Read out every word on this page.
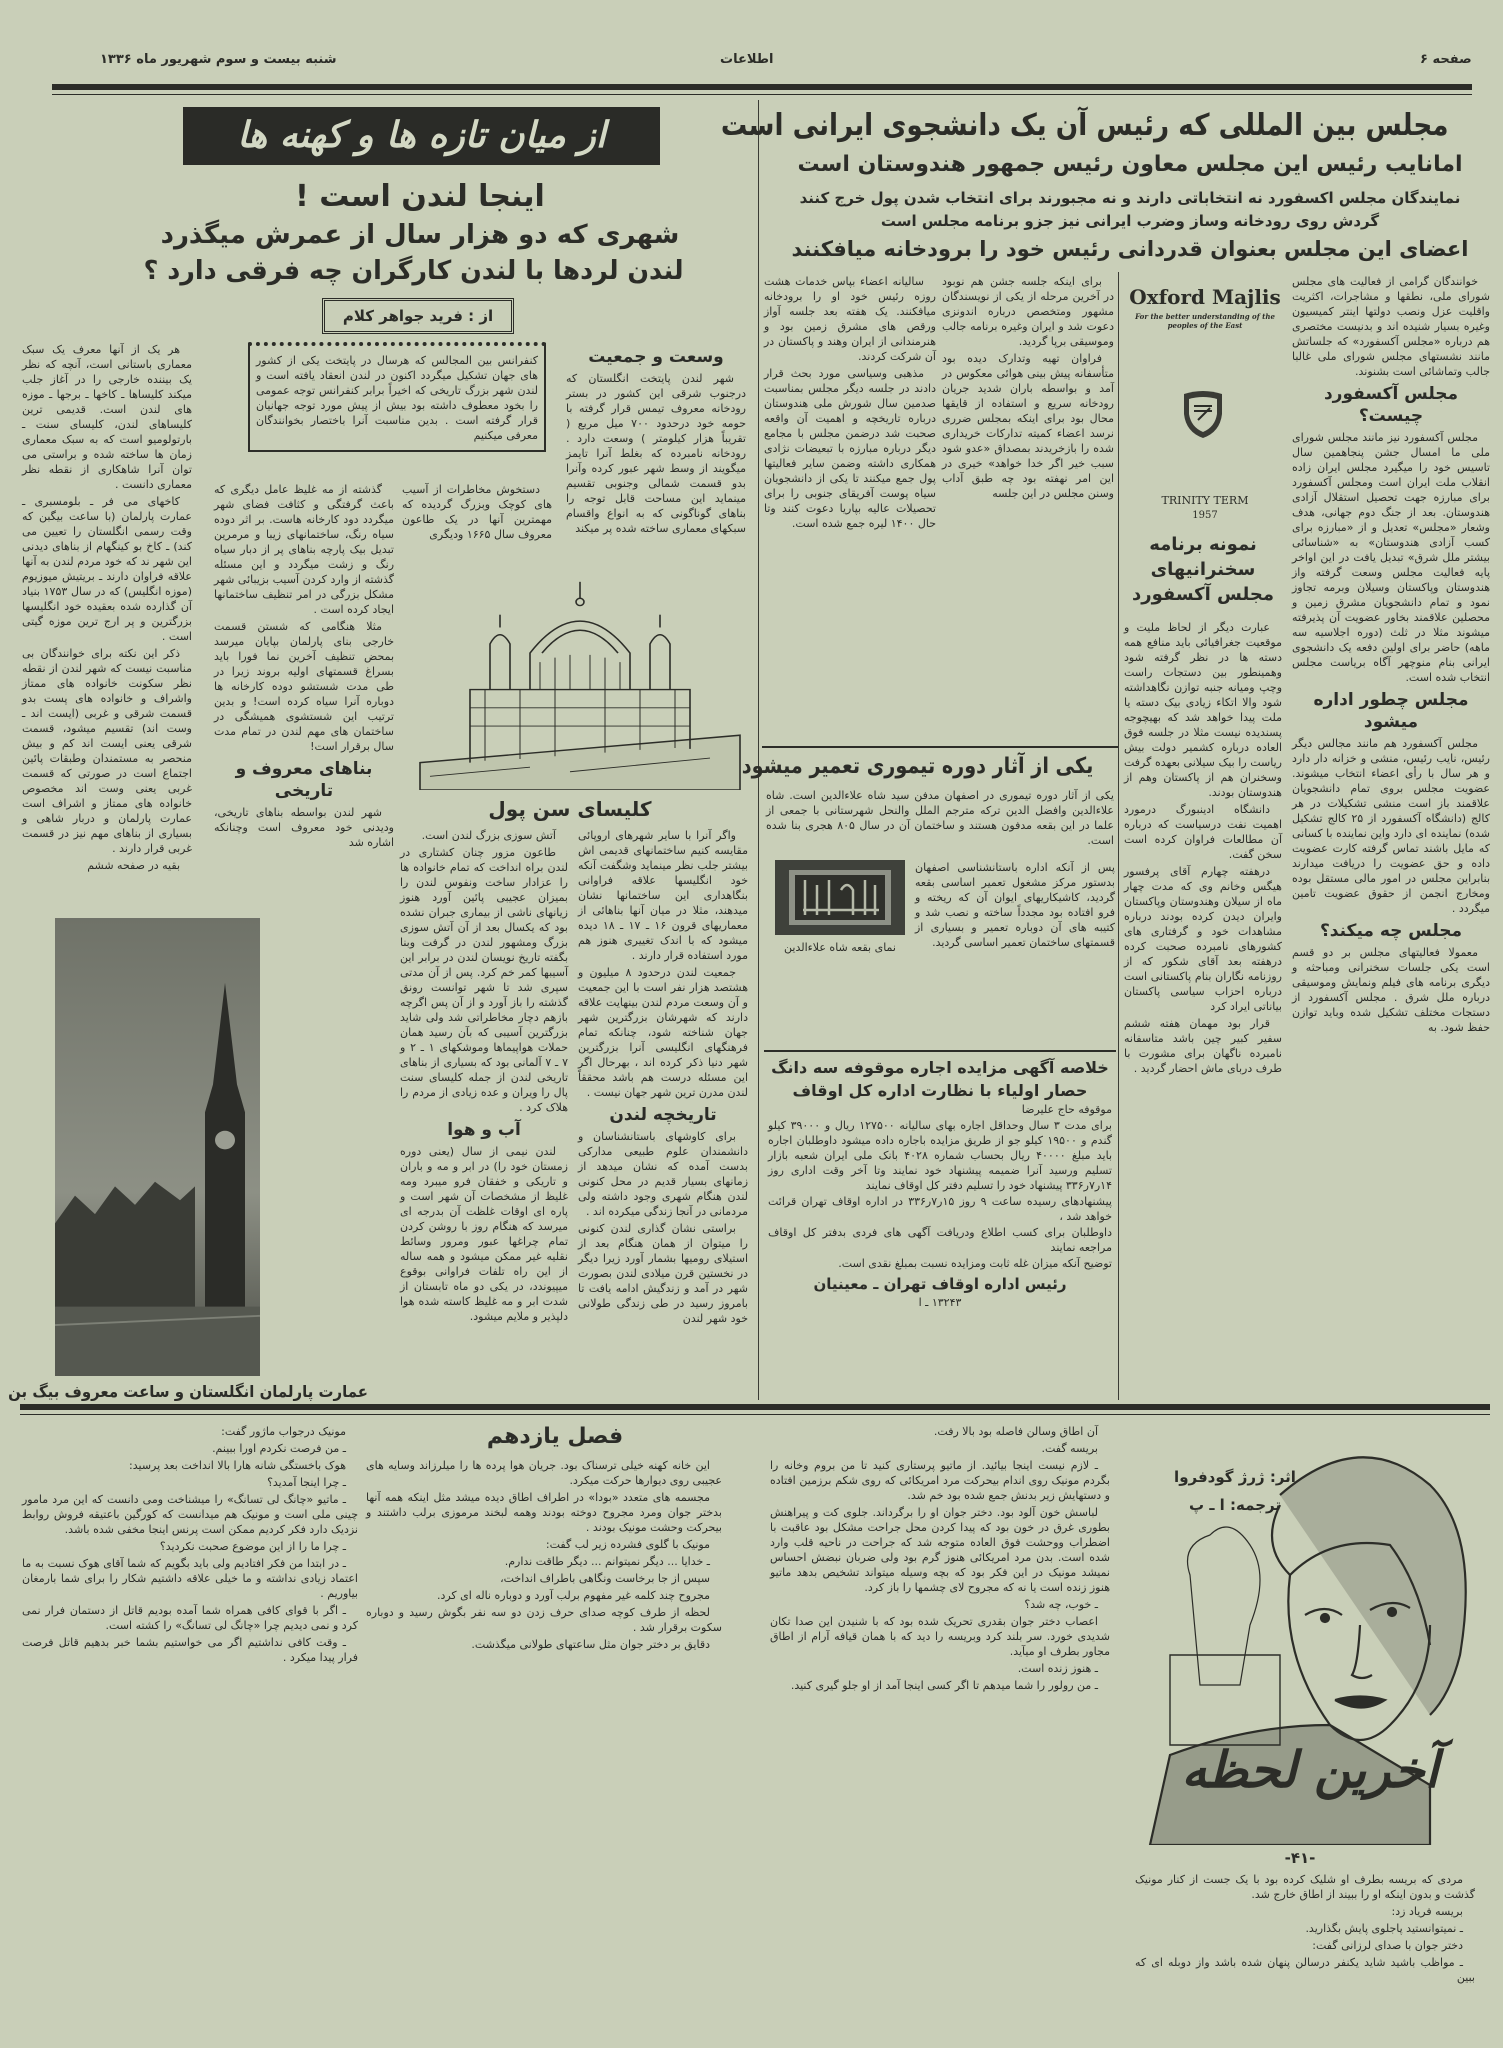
شنبه بیست و سوم شهریور ماه ۱۳۳۶	اطلاعات	صفحه ۶
از میان تازه ها و کهنه ها
اینجا لندن است !
شهری که دو هزار سال از عمرش میگذرد
لندن لردها با لندن کارگران چه فرقی دارد ؟
از : فرید جواهر کلام
کنفرانس بین المجالس که هرسال در پایتخت یکی از کشور های جهان تشکیل میگردد اکنون در لندن انعقاد یافته است و لندن شهر بزرگ تاریخی که اخیراً برابر کنفرانس توجه عمومی را بخود معطوف داشته بود بیش از پیش مورد توجه جهانیان قرار گرفته است . بدین مناسبت آنرا باختصار بخوانندگان معرفی میکنیم

هر یک از آنها معرف یک سبک معماری باستانی است، آنچه که نظر یک بیننده خارجی را در آغاز جلب میکند کلیساها ـ کاخها ـ برجها ـ موزه های لندن است. قدیمی ترین کلیساهای لندن، کلیسای سنت ـ بارتولومیو است که به سبک معماری زمان ها ساخته شده و براستی می توان آنرا شاهکاری از نقطه نظر معماری دانست .

کاخهای می فر ـ بلومسبری ـ عمارت پارلمان (با ساعت بیگبن که وقت رسمی انگلستان را تعیین می کند) ـ کاخ بو کینگهام از بناهای دیدنی این شهر ند که خود مردم لندن به آنها علاقه فراوان دارند ـ بریتیش میوزیوم (موزه انگلیس) که در سال ۱۷۵۳ بنیاد آن گذارده شده بعقیده خود انگلیسها بزرگترین و پر ارج ترین موزه گیتی است .

ذکر این نکته برای خوانندگان بی مناسبت نیست که شهر لندن از نقطه نظر سکونت خانواده های ممتاز واشراف و خانواده های پست بدو قسمت شرقی و غربی (ایست اند ـ وست اند) تقسیم میشود، قسمت شرقی یعنی ایست اند کم و بیش منحصر به مستمندان وطبقات پائین اجتماع است در صورتی که قسمت غربی یعنی وست اند مخصوص خانواده های ممتاز و اشراف است عمارت پارلمان و دربار شاهی و بسیاری از بناهای مهم نیز در قسمت غربی قرار دارند .

بقیه در صفحه ششم

گذشته از مه غلیظ عامل دیگری که باعث گرفتگی و کثافت فضای شهر میگردد دود کارخانه هاست. بر اثر دوده سیاه رنگ، ساختمانهای زیبا و مرمرین تبدیل بیک پارچه بناهای پر از دبار سیاه رنگ و زشت میگردد و این مسئله گذشته از وارد کردن آسیب بزیبائی شهر مشکل بزرگی در امر تنظیف ساختمانها ایجاد کرده است .

مثلا هنگامی که شستن قسمت خارجی بنای پارلمان بپایان میرسد بمحض تنظیف آخرین نما فورا باید بسراغ قسمتهای اولیه بروند زیرا در طی مدت شستشو دوده کارخانه ها دوباره آنرا سیاه کرده است! و بدین ترتیب این شستشوی همیشگی در ساختمان های مهم لندن در تمام مدت سال برقرار است!

بناهای معروف و تاریخی

شهر لندن بواسطه بناهای تاریخی، ودیدنی خود معروف است وچنانکه اشاره شد

دستخوش مخاطرات از آسیب های کوچک وبزرگ گردیده که مهمترین آنها در یک طاعون معروف سال ۱۶۶۵ ودیگری

وسعت و جمعیت

شهر لندن پایتخت انگلستان که درجنوب شرقی این کشور در بستر رودخانه معروف تیمس قرار گرفته با حومه خود درحدود ۷۰۰ میل مربع ( تقریباً هزار کیلومتر ) وسعت دارد . رودخانه نامبرده که بغلط آنرا تایمز میگویند از وسط شهر عبور کرده وآنرا بدو قسمت شمالی وجنوبی تقسیم مینماید این مساحت قابل توجه را بناهای گوناگونی که به انواع واقسام سبکهای معماری ساخته شده پر میکند

کلیسای سن پول

آتش سوزی بزرگ لندن است.

طاعون مزور چنان کشتاری در لندن براه انداخت که تمام خانواده ها را عزادار ساخت ونفوس لندن را بمیزان عجیبی پائین آورد هنوز زیانهای ناشی از بیماری جبران نشده بود که یکسال بعد از آن آتش سوزی بزرگ ومشهور لندن در گرفت وبنا بگفته تاریخ نویسان لندن در برابر این آسیبها کمر خم کرد. پس از آن مدتی سپری شد تا شهر توانست رونق گذشته را باز آورد و از آن پس اگرچه بازهم دچار مخاطراتی شد ولی شاید بزرگترین آسیبی که بآن رسید همان حملات هواپیماها وموشکهای ۱ ـ ۲ و ۷ ـ ۷ آلمانی بود که بسیاری از بناهای تاریخی لندن از جمله کلیسای سنت پال را ویران و عده زیادی از مردم را هلاک کرد .

آب و هوا

لندن نیمی از سال (یعنی دوره زمستان خود را) در ابر و مه و باران و تاریکی و خفقان فرو میبرد ومه غلیظ از مشخصات آن شهر است و پاره ای اوقات غلظت آن بدرجه ای میرسد که هنگام روز با روشن کردن تمام چراغها عبور ومرور وسائط نقلیه غیر ممکن میشود و همه ساله از این راه تلفات فراوانی بوقوع میپیوندد، در یکی دو ماه تابستان از شدت ابر و مه غلیظ کاسته شده هوا دلپذیر و ملایم میشود.

واگر آنرا با سایر شهرهای اروپائی مقایسه کنیم ساختمانهای قدیمی اش بیشتر جلب نظر مینماید وشگفت آنکه خود انگلیسها علاقه فراوانی بنگاهداری این ساختمانها نشان میدهند، مثلا در میان آنها بناهائی از معماریهای قرون ۱۶ ـ ۱۷ ـ ۱۸ دیده میشود که با اندک تغییری هنوز هم مورد استفاده قرار دارند .

جمعیت لندن درحدود ۸ میلیون و هشتصد هزار نفر است با این جمعیت و آن وسعت مردم لندن بینهایت علاقه دارند که شهرشان بزرگترین شهر جهان شناخته شود، چنانکه تمام فرهنگهای انگلیسی آنرا بزرگترین شهر دنیا ذکر کرده اند ، بهرحال اگر این مسئله درست هم باشد محققاً لندن مدرن ترین شهر جهان نیست .

تاریخچه لندن

برای کاوشهای باستانشناسان و دانشمندان علوم طبیعی مدارکی بدست آمده که نشان میدهد از زمانهای بسیار قدیم در محل کنونی لندن هنگام شهری وجود داشته ولی مردمانی در آنجا زندگی میکرده اند .

براستی نشان گذاری لندن کنونی را میتوان از همان هنگام بعد از استیلای رومیها بشمار آورد زیرا دیگر در نخستین قرن میلادی لندن بصورت شهر در آمد و زندگیش ادامه یافت تا بامروز رسید در طی زندگی طولانی خود شهر لندن

عمارت پارلمان انگلستان و ساعت معروف بیگ بن
مجلس بین المللی که رئیس آن یک دانشجوی ایرانی است
امانایب رئیس این مجلس معاون رئیس جمهور هندوستان است
نمایندگان مجلس اکسفورد نه انتخاباتی دارند و نه مجبورند برای انتخاب شدن پول خرج کنند
گردش روی رودخانه وساز وضرب ایرانی نیز جزو برنامه مجلس است
اعضای این مجلس بعنوان قدردانی رئیس خود را برودخانه میافکنند

خوانندگان گرامی از فعالیت های مجلس شورای ملی، نطقها و مشاجرات، اکثریت واقلیت عزل ونصب دولتها اینتر کمیسیون وغیره بسیار شنیده اند و بدنیست مختصری هم درباره «مجلس آکسفورد» که جلساتش مانند نشستهای مجلس شورای ملی غالبا جالب وتماشائی است بشنوند.

مجلس آکسفورد چیست؟

مجلس آکسفورد نیز مانند مجلس شورای ملی ما امسال جشن پنجاهمین سال تاسیس خود را میگیرد مجلس ایران زاده انقلاب ملت ایران است ومجلس آکسفورد برای مبارزه جهت تحصیل استقلال آزادی هندوستان. بعد از جنگ دوم جهانی، هدف وشعار «مجلس» تعدیل و از «مبارزه برای کسب آزادی هندوستان» به «شناسائی بیشتر ملل شرق» تبدیل یافت در این اواخر پایه فعالیت مجلس وسعت گرفته واز هندوستان وپاکستان وسیلان وبرمه تجاوز نمود و تمام دانشجویان مشرق زمین و محصلین علاقمند بخاور عضویت آن پذیرفته میشوند مثلا در ثلث (دوره اجلاسیه سه ماهه) حاضر برای اولین دفعه یک دانشجوی ایرانی بنام منوچهر آگاه بریاست مجلس انتخاب شده است.

مجلس چطور اداره میشود

مجلس آکسفورد هم مانند مجالس دیگر رئیس، نایب رئیس، منشی و خزانه دار دارد و هر سال با رأی اعضاء انتخاب میشوند. عضویت مجلس بروی تمام دانشجویان علاقمند باز است منشی تشکیلات در هر کالج (دانشگاه آکسفورد از ۲۵ کالج تشکیل شده) نماینده ای دارد واین نماینده با کسانی که مایل باشند تماس گرفته کارت عضویت داده و حق عضویت را دریافت میدارند بنابراین مجلس در امور مالی مستقل بوده ومخارج انجمن از حقوق عضویت تامین میگردد .

مجلس چه میکند؟

معمولا فعالیتهای مجلس بر دو قسم است یکی جلسات سخنرانی ومباحثه و دیگری برنامه های فیلم ونمایش وموسیقی درباره ملل شرق . مجلس آکسفورد از دستجات مختلف تشکیل شده وباید توازن حفظ شود. به

Oxford Majlis
For the better understanding of the peoples of the East
TRINITY TERM
1957
نمونه برنامه سخنرانیهای مجلس آکسفورد

عبارت دیگر از لحاظ ملیت و موقعیت جغرافیائی باید منافع همه دسته ها در نظر گرفته شود وهمینطور بین دستجات راست وچپ ومیانه جنبه توازن نگاهداشته شود والا اتکاء زیادی بیک دسته یا ملت پیدا خواهد شد که بهیچوجه پسندیده نیست مثلا در جلسه فوق العاده درباره کشمیر دولت بیش ریاست را بیک سیلانی بعهده گرفت وسخنران هم از پاکستان وهم از هندوستان بودند.

دانشگاه ادینبورگ درمورد اهمیت نفت درسیاست که درباره آن مطالعات فراوان کرده است سخن گفت.

درهفته چهارم آقای پرفسور هیگس وخانم وی که مدت چهار ماه از سیلان وهندوستان وپاکستان وایران دیدن کرده بودند درباره مشاهدات خود و گرفتاری های کشورهای نامبرده صحبت کرده درهفته بعد آقای شکور که از روزنامه نگاران بنام پاکستانی است درباره احزاب سیاسی پاکستان بیاناتی ایراد کرد

قرار بود مهمان هفته ششم سفیر کبیر چین باشد متاسفانه نامبرده ناگهان برای مشورت با طرف دربای ماش احضار گردید .

برای اینکه جلسه جشن هم نوبود در آخرین مرحله از یکی از نویسندگان مشهور ومتخصص درباره اندونزی دعوت شد و ایران وغیره برنامه جالب وموسیقی برپا گردید.

فراوان تهیه وتدارک دیده بود متأسفانه پیش بینی هوائی معکوس در آمد و بواسطه باران شدید جریان رودخانه سریع و استفاده از قایقها محال بود برای اینکه بمجلس ضرری نرسد اعضاء کمیته تدارکات خریداری شده را بازخریدند بمصداق «عدو شود سبب خیر اگر خدا خواهد» خیری در این امر نهفته بود چه طبق آداب وسنن مجلس در این جلسه

سالیانه اعضاء بپاس خدمات هشت روزه رئیس خود او را برودخانه میافکنند. یک هفته بعد جلسه آواز ورقص های مشرق زمین بود و هنرمندانی از ایران وهند و پاکستان در آن شرکت کردند.

مذهبی وسیاسی مورد بحث قرار دادند در جلسه دیگر مجلس بمناسبت صدمین سال شورش ملی هندوستان درباره تاریخچه و اهمیت آن واقعه صحبت شد درضمن مجلس با مجامع دیگر درباره مبارزه با تبعیضات نژادی همکاری داشته وضمن سایر فعالیتها پول جمع میکنند تا یکی از دانشجویان سیاه پوست آفریقای جنوبی را برای تحصیلات عالیه بپاریا دعوت کنند وتا حال ۱۴۰۰ لیره جمع شده است.

یکی از آثار دوره تیموری تعمیر میشود
یکی از آثار دوره تیموری در اصفهان مدفن سید شاه علاءالدین است. شاه علاءالدین وافضل الدین ترکه مترجم الملل والنحل شهرستانی با جمعی از علما در این بقعه مدفون هستند و ساختمان آن در سال ۸۰۵ هجری بنا شده است.
نمای بقعه شاه علاءالدین
پس از آنکه اداره باستانشناسی اصفهان بدستور مرکز مشغول تعمیر اساسی بقعه گردید، کاشیکاریهای ایوان آن که ریخته و فرو افتاده بود مجدداً ساخته و نصب شد و کتیبه های آن دوباره تعمیر و بسیاری از قسمتهای ساختمان تعمیر اساسی گردید.
خلاصه آگهی مزایده اجاره موقوفه سه دانگ حصار اولیاء با نظارت اداره کل اوقاف

موقوفه حاج علیرضا

برای مدت ۳ سال وحداقل اجاره بهای سالیانه ۱۲۷۵۰۰ ریال و ۳۹۰۰۰ کیلو گندم و ۱۹۵۰۰ کیلو جو از طریق مزایده باجاره داده میشود داوطلبان اجاره باید مبلغ ۴۰۰۰۰ ریال بحساب شماره ۴۰۲۸ بانک ملی ایران شعبه بازار تسلیم ورسید آنرا ضمیمه پیشنهاد خود نمایند وتا آخر وقت اداری روز ۱۴ر۷ر۳۳۶ پیشنهاد خود را تسلیم دفتر کل اوقاف نمایند

پیشنهادهای رسیده ساعت ۹ روز ۱۵ر۷ر۳۳۶ در اداره اوقاف تهران قرائت خواهد شد ،

داوطلبان برای کسب اطلاع ودریافت آگهی های فردی بدفتر کل اوقاف مراجعه نمایند

توضیح آنکه میزان غله ثابت ومزایده نسبت بمبلغ نقدی است.

رئیس اداره اوقاف تهران ـ معینیان
۱۳۲۴۳ ـ ا

مونیک درجواب ماژور گفت:

ـ من فرصت نکردم اورا ببینم.

هوک باخستگی شانه هارا بالا انداخت بعد پرسید:

ـ چرا اینجا آمدید؟

ـ ماتیو «چانگ لی تسانگ» را میشناخت ومی دانست که این مرد مامور چینی ملی است و مونیک هم میدانست که کورگین باعتیقه فروش روابط نزدیک دارد فکر کردیم ممکن است پرنس اینجا مخفی شده باشد.

ـ چرا ما را از این موضوع صحبت نکردید؟

ـ در ابتدا من فکر افتادیم ولی باید بگویم که شما آقای هوک نسبت به ما اعتماد زیادی نداشته و ما خیلی علاقه داشتیم شکار را برای شما بارمغان بیاوریم .

ـ اگر با قوای کافی همراه شما آمده بودیم قاتل از دستمان فرار نمی کرد و نمی دیدیم چرا «چانگ لی تسانگ» را کشته است.

ـ وقت کافی نداشتیم اگر می خواستیم بشما خبر بدهیم قاتل فرصت فرار پیدا میکرد .

فصل یازدهم

این خانه کهنه خیلی ترسناک بود. جریان هوا پرده ها را میلرزاند وسایه های عجیبی روی دیوارها حرکت میکرد.

مجسمه های متعدد «بودا» در اطراف اطاق دیده میشد مثل اینکه همه آنها بدختر جوان ومرد مجروح دوخته بودند وهمه لبخند مرموزی برلب داشتند و بیحرکت وحشت مونیک بودند .

مونیک با گلوی فشرده زیر لب گفت:

ـ خدایا ... دیگر نمیتوانم ... دیگر طاقت ندارم.

سپس از جا برخاست ونگاهی باطراف انداخت،

مجروح چند کلمه غیر مفهوم برلب آورد و دوباره ناله ای کرد.

لحظه از طرف کوچه صدای حرف زدن دو سه نفر بگوش رسید و دوباره سکوت برقرار شد .

دقایق بر دختر جوان مثل ساعتهای طولانی میگذشت.

آن اطاق وسالن فاصله بود بالا رفت.

بریسه گفت.

ـ لازم نیست اینجا بیائید. از ماتیو پرستاری کنید تا من بروم وخانه را بگردم مونیک روی اندام بیحرکت مرد امریکائی که روی شکم برزمین افتاده و دستهایش زیر بدنش جمع شده بود خم شد.

لباسش خون آلود بود. دختر جوان او را برگرداند. جلوی کت و پیراهنش بطوری غرق در خون بود که پیدا کردن محل جراحت مشکل بود عاقبت با اضطراب ووحشت فوق العاده متوجه شد که جراحت در ناحیه قلب وارد شده است. بدن مرد امریکائی هنوز گرم بود ولی ضربان نبضش احساس نمیشد مونیک در این فکر بود که بچه وسیله میتواند تشخیص بدهد ماتیو هنوز زنده است یا نه که مجروح لای چشمها را باز کرد.

ـ خوب، چه شد؟

اعصاب دختر جوان بقدری تحریک شده بود که با شنیدن این صدا تکان شدیدی خورد. سر بلند کرد وبریسه را دید که با همان قیافه آرام از اطاق مجاور بطرف او میآید.

ـ هنوز زنده است.

ـ من رولور را شما میدهم تا اگر کسی اینجا آمد از او جلو گیری کنید.

اثر: ژرژ گودفروا
ترجمه: ا ـ پ
آخرین لحظه
-۴۱-

مردی که بریسه بطرف او شلیک کرده بود با یک جست از کنار مونیک گذشت و بدون اینکه او را ببیند از اطاق خارج شد.

بریسه فریاد زد:

ـ نمیتوانستید پاجلوی پایش بگذارید.

دختر جوان با صدای لرزانی گفت:

ـ مواظب باشید شاید یکنفر درسالن پنهان شده باشد واز دوبله ای که ببین
